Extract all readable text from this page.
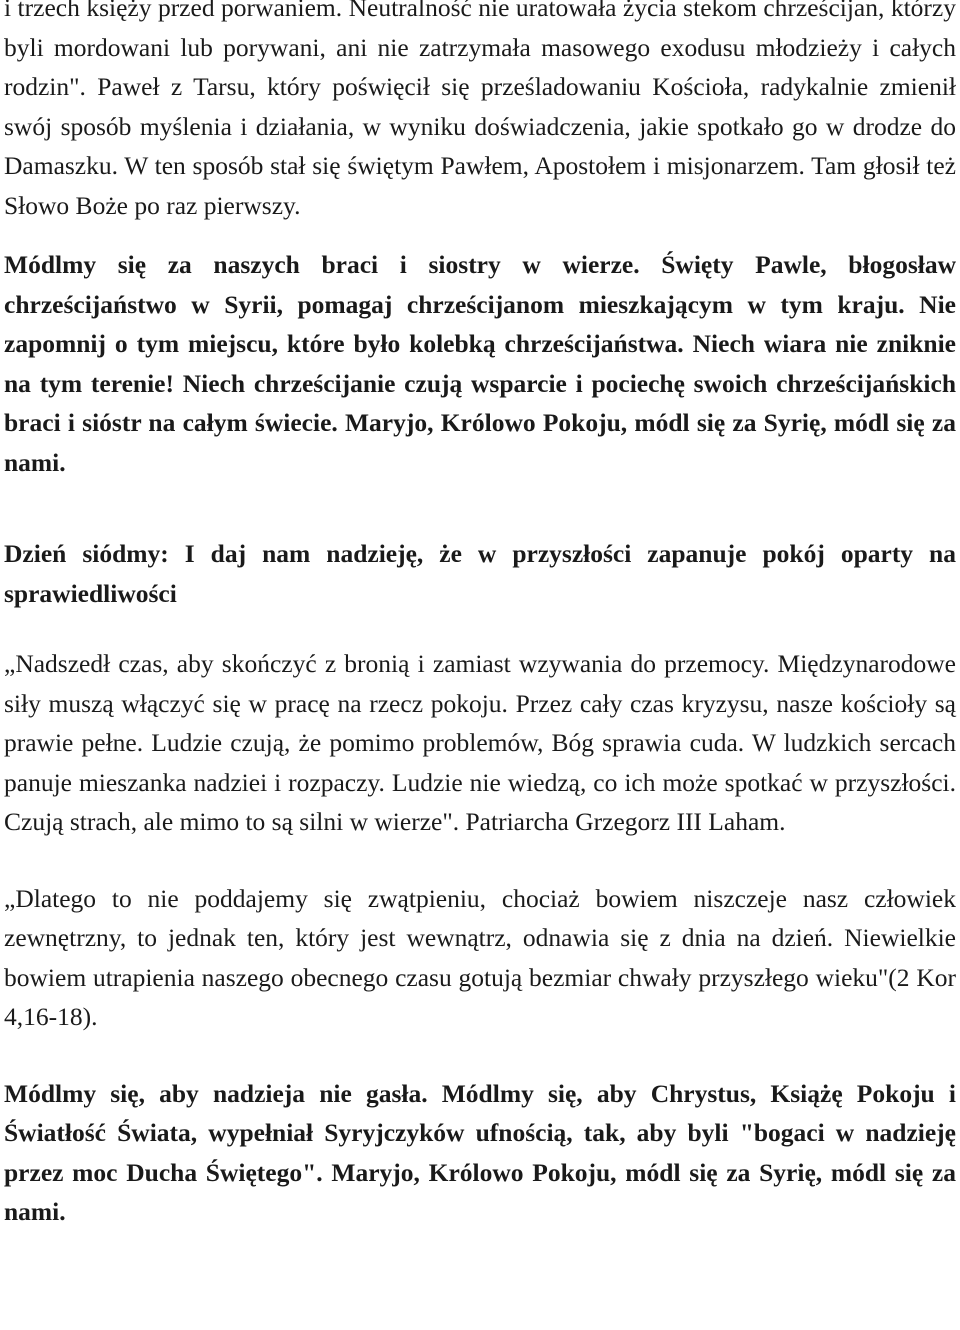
i trzech księży przed porwaniem. Neutralność nie uratowała życia stekom chrześcijan, którzy byli mordowani lub porywani, ani nie zatrzymała masowego exodusu młodzieży i całych rodzin". Paweł z Tarsu, który poświęcił się prześladowaniu Kościoła, radykalnie zmienił swój sposób myślenia i działania, w wyniku doświadczenia, jakie spotkało go w drodze do Damaszku. W ten sposób stał się świętym Pawłem, Apostołem i misjonarzem. Tam głosił też Słowo Boże po raz pierwszy.

Módlmy się za naszych braci i siostry w wierze. Święty Pawle, błogosław chrześcijaństwo w Syrii, pomagaj chrześcijanom mieszkającym w tym kraju. Nie zapomnij o tym miejscu, które było kolebką chrześcijaństwa. Niech wiara nie zniknie na tym terenie! Niech chrześcijanie czują wsparcie i pociechę swoich chrześcijańskich braci i sióstr na całym świecie. Maryjo, Królowo Pokoju, módl się za Syrię, módl się za nami.

Dzień siódmy: I daj nam nadzieję, że w przyszłości zapanuje pokój oparty na sprawiedliwości

„Nadszedł czas, aby skończyć z bronią i zamiast wzywania do przemocy. Międzynarodowe siły muszą włączyć się w pracę na rzecz pokoju. Przez cały czas kryzysu, nasze kościoły są prawie pełne. Ludzie czują, że pomimo problemów, Bóg sprawia cuda. W ludzkich sercach panuje mieszanka nadziei i rozpaczy. Ludzie nie wiedzą, co ich może spotkać w przyszłości. Czują strach, ale mimo to są silni w wierze". Patriarcha Grzegorz III Laham.

„Dlatego to nie poddajemy się zwątpieniu, chociaż bowiem niszczeje nasz człowiek zewnętrzny, to jednak ten, który jest wewnątrz, odnawia się z dnia na dzień. Niewielkie bowiem utrapienia naszego obecnego czasu gotują bezmiar chwały przyszłego wieku"(2 Kor 4,16-18).

Módlmy się, aby nadzieja nie gasła. Módlmy się, aby Chrystus, Książę Pokoju i Światłość Świata, wypełniał Syryjczyków ufnością, tak, aby byli "bogaci w nadzieję przez moc Ducha Świętego". Maryjo, Królowo Pokoju, módl się za Syrię, módl się za nami.
